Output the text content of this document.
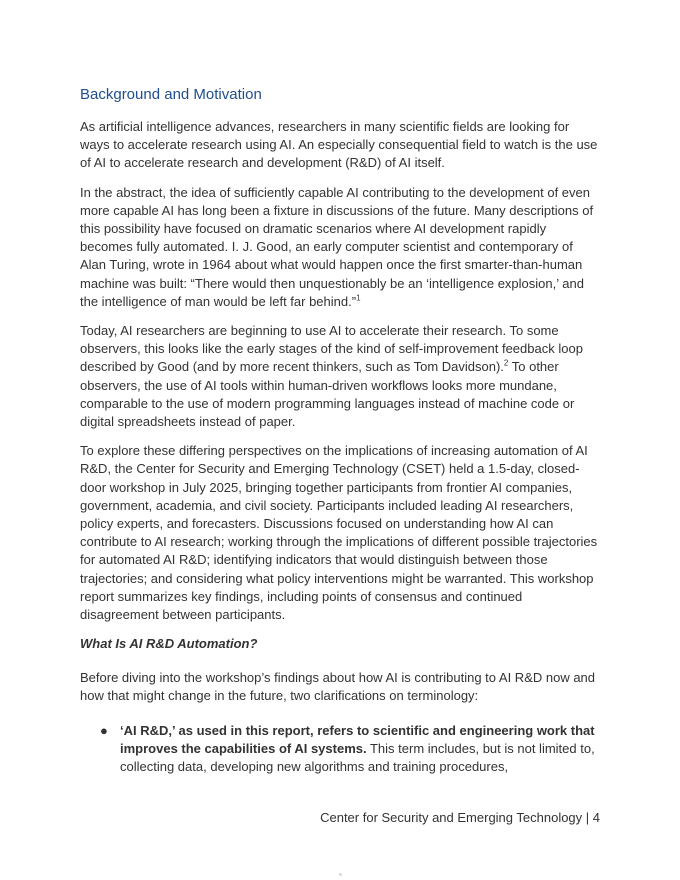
Background and Motivation

As artificial intelligence advances, researchers in many scientific fields are looking for ways to accelerate research using AI. An especially consequential field to watch is the use of AI to accelerate research and development (R&D) of AI itself.

In the abstract, the idea of sufficiently capable AI contributing to the development of even more capable AI has long been a fixture in discussions of the future. Many descriptions of this possibility have focused on dramatic scenarios where AI development rapidly becomes fully automated. I. J. Good, an early computer scientist and contemporary of Alan Turing, wrote in 1964 about what would happen once the first smarter-than-human machine was built: “There would then unquestionably be an ‘intelligence explosion,’ and the intelligence of man would be left far behind.”$^1$

Today, AI researchers are beginning to use AI to accelerate their research. To some observers, this looks like the early stages of the kind of self-improvement feedback loop described by Good (and by more recent thinkers, such as Tom Davidson).$^2$ To other observers, the use of AI tools within human-driven workflows looks more mundane, comparable to the use of modern programming languages instead of machine code or digital spreadsheets instead of paper.

To explore these differing perspectives on the implications of increasing automation of AI R&D, the Center for Security and Emerging Technology (CSET) held a 1.5-day, closed-door workshop in July 2025, bringing together participants from frontier AI companies, government, academia, and civil society. Participants included leading AI researchers, policy experts, and forecasters. Discussions focused on understanding how AI can contribute to AI research; working through the implications of different possible trajectories for automated AI R&D; identifying indicators that would distinguish between those trajectories; and considering what policy interventions might be warranted. This workshop report summarizes key findings, including points of consensus and continued disagreement between participants.

What Is AI R&D Automation?

Before diving into the workshop’s findings about how AI is contributing to AI R&D now and how that might change in the future, two clarifications on terminology:

● ‘AI R&D,’ as used in this report, refers to scientific and engineering work that improves the capabilities of AI systems. This term includes, but is not limited to, collecting data, developing new algorithms and training procedures,
Center for Security and Emerging Technology | 4
